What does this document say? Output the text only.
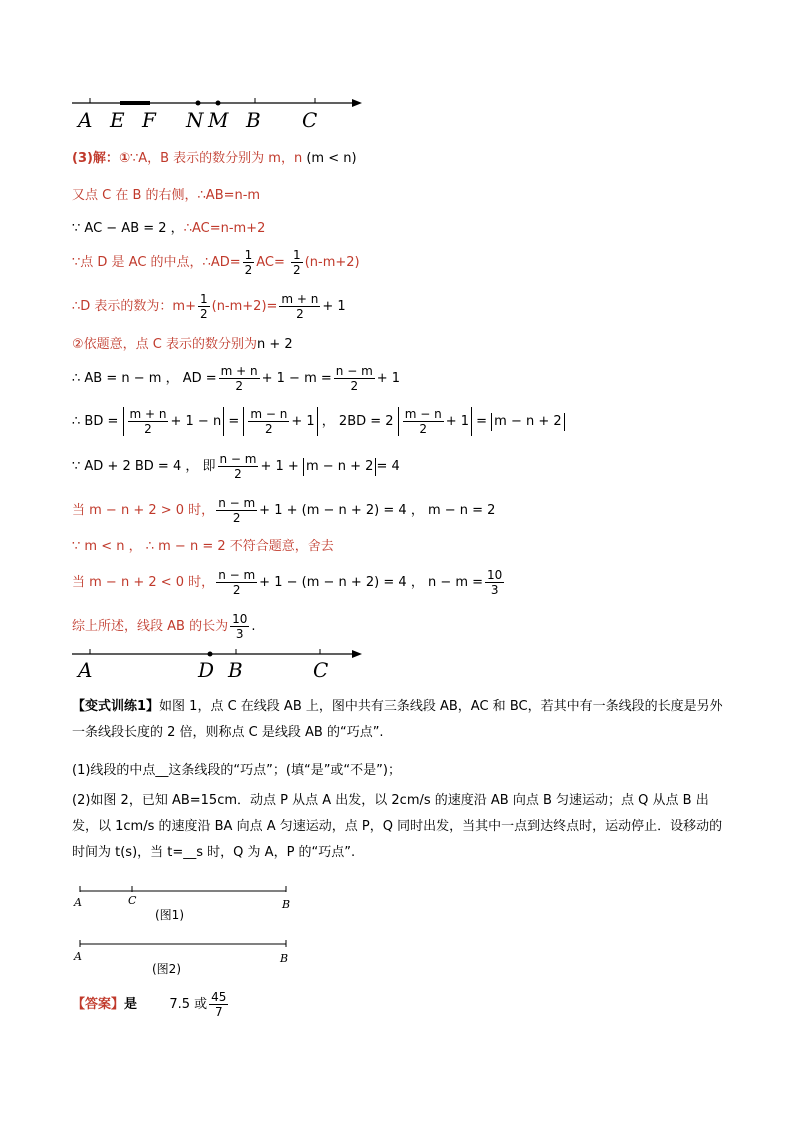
A E F N M B C
(3)解：①∵A，B 表示的数分别为 m，n (m < n)
又点 C 在 B 的右侧，∴AB=n-m
∵ AC − AB = 2 ，∴AC=n-m+2
∵点 D 是 AC 的中点，∴AD= $\frac{1}{2} AC= \frac{1}{2} (n-m+2)$
∴D 表示的数为：$m+ \frac{1}{2} (n-m+2)= \frac{m + n}{2} + 1$
②依题意，点 C 表示的数分别为n + 2
∴ AB = n − m ， AD = $\frac{m + n}{2} + 1 - m = \frac{n - m}{2} + 1$
∴ BD = $\frac{m + n}{2} + 1 - n = \frac{m - n}{2} + 1$ ， $2BD = 2 \frac{m - n}{2} + 1 = m - n + 2$
∵ AD + 2 BD = 4 ， 即 $\frac{n - m}{2} + 1 + m - n + 2 = 4$
当 m − n + 2 > 0 时， $\frac{n - m}{2} + 1 + (m - n + 2) = 4$ ， m − n = 2
∵ m < n ， ∴ m − n = 2 不符合题意，舍去
当 m − n + 2 < 0 时， $\frac{n - m}{2} + 1 - (m - n + 2) = 4$ ， $n - m = \frac{10}{3}$
综上所述，线段 AB 的长为 $\frac{10}{3}$ .
A	D B	C
【变式训练1】如图 1，点 C 在线段 AB 上，图中共有三条线段 AB，AC 和 BC，若其中有一条线段的长度是另外一条线段长度的 2 倍，则称点 C 是线段 AB 的“巧点”.
(1)线段的中点__这条线段的“巧点”；(填“是”或“不是”)；
(2)如图 2，已知 AB=15cm．动点 P 从点 A 出发，以 2cm/s 的速度沿 AB 向点 B 匀速运动；点 Q 从点 B 出发，以 1cm/s 的速度沿 BA 向点 A 匀速运动，点 P，Q 同时出发，当其中一点到达终点时，运动停止．设移动的时间为 t(s)，当 t=__s 时，Q 为 A，P 的“巧点”.
A	C	B
(图1)
A	B
(图2)
【答案】是 7.5 或 $\frac{45}{7}$
